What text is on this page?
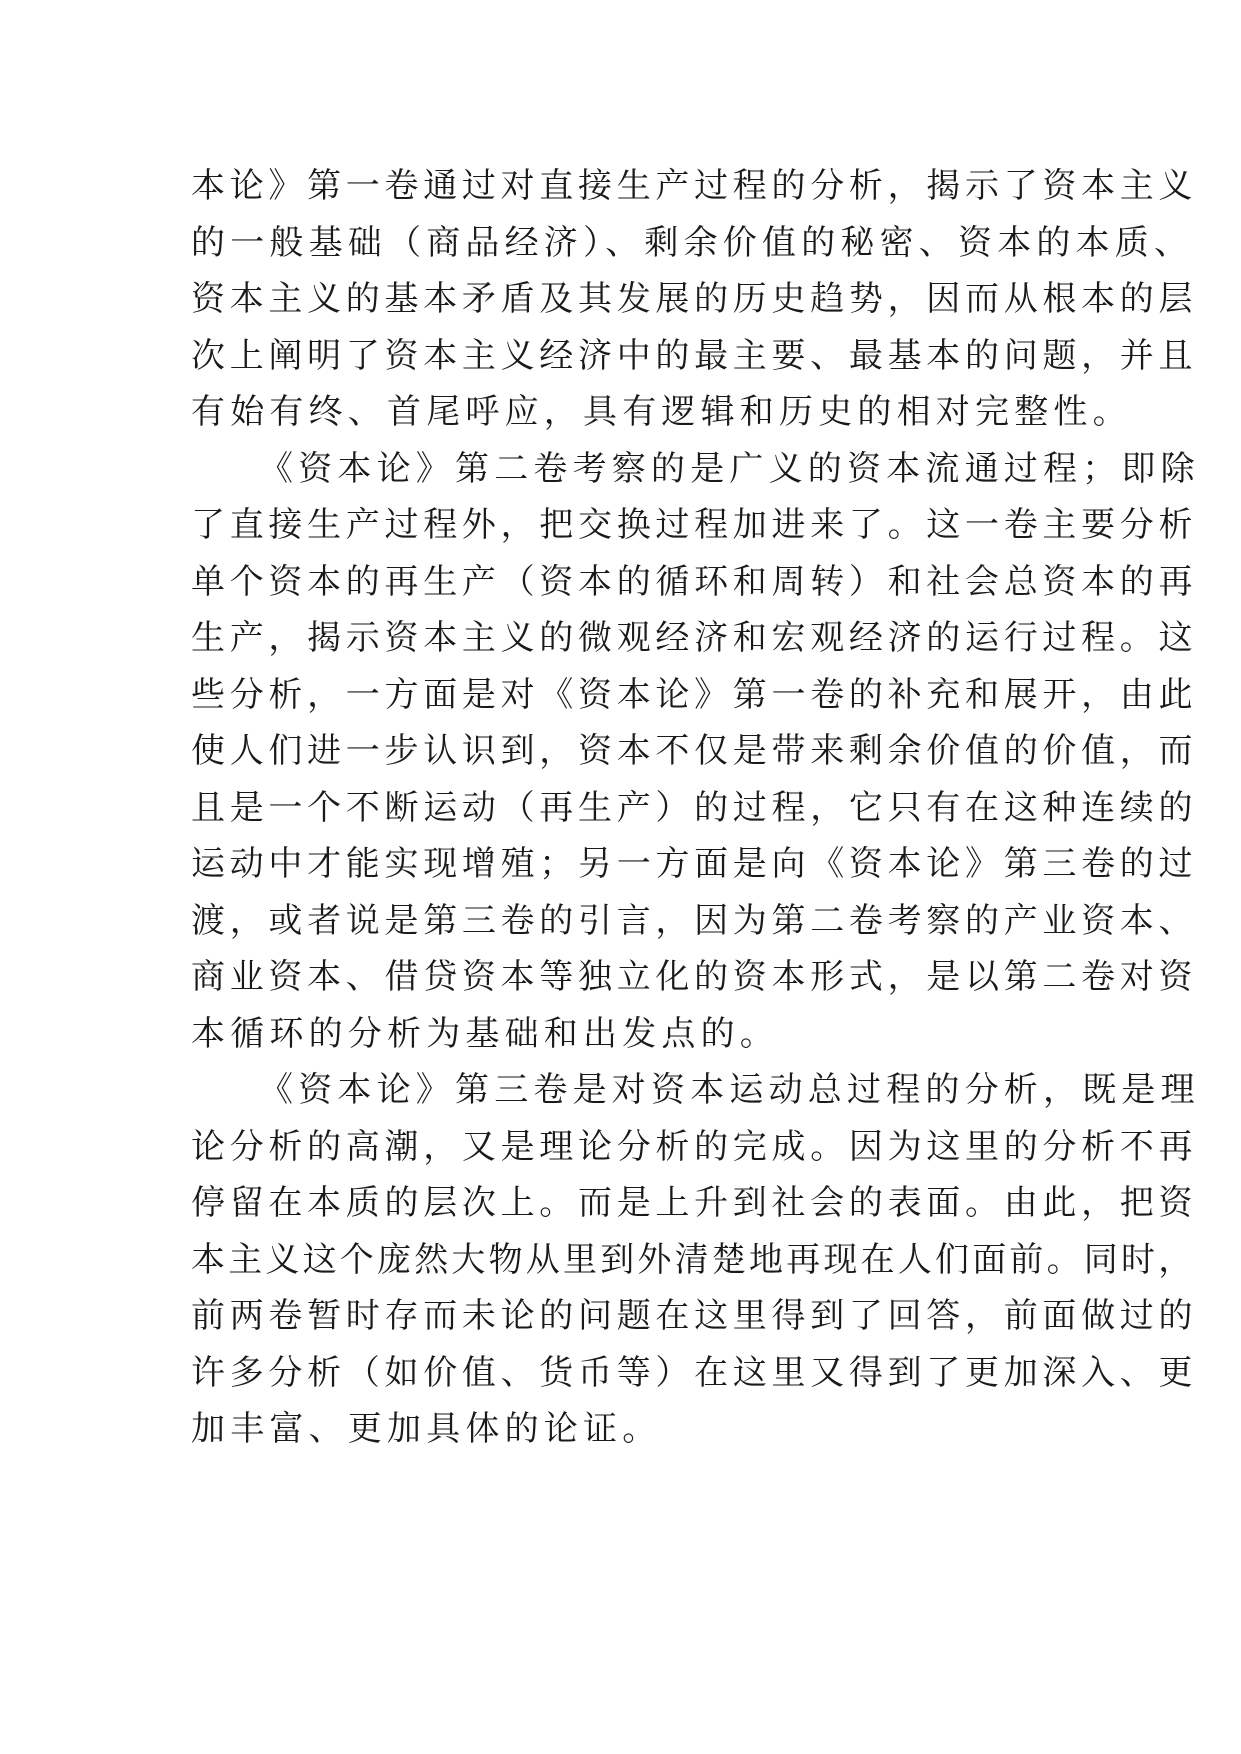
本论》第一卷通过对直接生产过程的分析，揭示了资本主义
的一般基础（商品经济）、剩余价值的秘密、资本的本质、
资本主义的基本矛盾及其发展的历史趋势，因而从根本的层
次上阐明了资本主义经济中的最主要、最基本的问题，并且
有始有终、首尾呼应，具有逻辑和历史的相对完整性。
《资本论》第二卷考察的是广义的资本流通过程；即除
了直接生产过程外，把交换过程加进来了。这一卷主要分析
单个资本的再生产（资本的循环和周转）和社会总资本的再
生产，揭示资本主义的微观经济和宏观经济的运行过程。这
些分析，一方面是对《资本论》第一卷的补充和展开，由此
使人们进一步认识到，资本不仅是带来剩余价值的价值，而
且是一个不断运动（再生产）的过程，它只有在这种连续的
运动中才能实现增殖；另一方面是向《资本论》第三卷的过
渡，或者说是第三卷的引言，因为第二卷考察的产业资本、
商业资本、借贷资本等独立化的资本形式，是以第二卷对资
本循环的分析为基础和出发点的。
《资本论》第三卷是对资本运动总过程的分析，既是理
论分析的高潮，又是理论分析的完成。因为这里的分析不再
停留在本质的层次上。而是上升到社会的表面。由此，把资
本主义这个庞然大物从里到外清楚地再现在人们面前。同时，
前两卷暂时存而未论的问题在这里得到了回答，前面做过的
许多分析（如价值、货币等）在这里又得到了更加深入、更
加丰富、更加具体的论证。
